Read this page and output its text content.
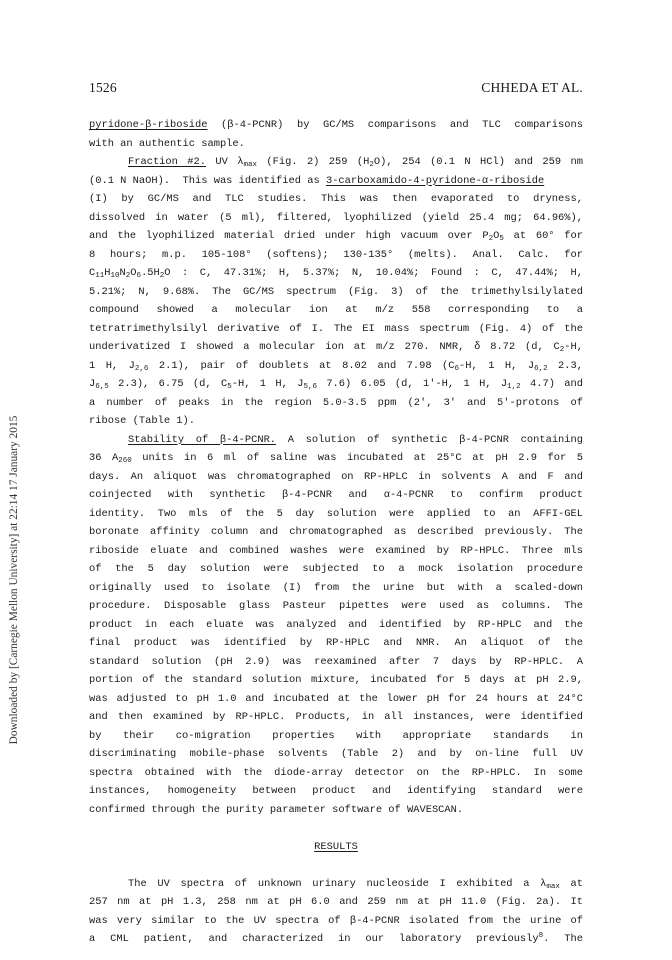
1526	CHHEDA ET AL.
Downloaded by [Carnegie Mellon University] at 22:14 17 January 2015
pyridone-β-riboside (β-4-PCNR) by GC/MS comparisons and TLC comparisons
with an authentic sample.
Fraction #2. UV $\lambda_{max}$ (Fig. 2) 259 $(H_2O)$, 254 (0.1 N HCl) and 259 nm
(0.1 N NaOH).  This was identified as 3-carboxamido-4-pyridone-α-riboside
(I) by GC/MS and TLC studies. This was then evaporated to dryness,
dissolved in water (5 ml), filtered, lyophilized (yield 25.4 mg; 64.96%),
and the lyophilized material dried under high vacuum over $P_2O_5$ at 60° for
8 hours; m.p. 105-108° (softens); 130-135° (melts). Anal. Calc. for
$C_{11}H_{10}N_2O_6.5H_2O$ : C, 47.31%; H, 5.37%; N, 10.04%; Found : C, 47.44%; H,
5.21%; N, 9.68%. The GC/MS spectrum (Fig. 3) of the trimethylsilylated
compound showed a molecular ion at m/z 558 corresponding to a
tetratrimethylsilyl derivative of I. The EI mass spectrum (Fig. 4) of the
underivatized I showed a molecular ion at m/z 270. NMR, δ 8.72 (d, $C_2-H$,
1 H, $J_{2,6}$ 2.1), pair of doublets at 8.02 and 7.98 ($C_6-H$, 1 H, $J_{6,2}$ 2.3,
$J_{6,5}$ 2.3), 6.75 (d, $C_5-H$, 1 H, $J_{5,6}$ 7.6) 6.05 (d, 1'-H, 1 H, $J_{1,2}$ 4.7) and
a number of peaks in the region 5.0-3.5 ppm (2', 3' and 5'-protons of
ribose (Table 1).
Stability of β-4-PCNR. A solution of synthetic β-4-PCNR containing
36 $A_{260}$ units in 6 ml of saline was incubated at 25°C at pH 2.9 for 5
days. An aliquot was chromatographed on RP-HPLC in solvents A and F and
coinjected with synthetic β-4-PCNR and α-4-PCNR to confirm product
identity. Two mls of the 5 day solution were applied to an AFFI-GEL
boronate affinity column and chromatographed as described previously. The
riboside eluate and combined washes were examined by RP-HPLC. Three mls
of the 5 day solution were subjected to a mock isolation procedure
originally used to isolate (I) from the urine but with a scaled-down
procedure. Disposable glass Pasteur pipettes were used as columns. The
product in each eluate was analyzed and identified by RP-HPLC and the
final product was identified by RP-HPLC and NMR. An aliquot of the
standard solution (pH 2.9) was reexamined after 7 days by RP-HPLC. A
portion of the standard solution mixture, incubated for 5 days at pH 2.9,
was adjusted to pH 1.0 and incubated at the lower pH for 24 hours at 24°C
and then examined by RP-HPLC. Products, in all instances, were identified
by their co-migration properties with appropriate standards in
discriminating mobile-phase solvents (Table 2) and by on-line full UV
spectra obtained with the diode-array detector on the RP-HPLC. In some
instances, homogeneity between product and identifying standard were
confirmed through the purity parameter software of WAVESCAN.
RESULTS
The UV spectra of unknown urinary nucleoside I exhibited a $\lambda_{max}$ at
257 nm at pH 1.3, 258 nm at pH 6.0 and 259 nm at pH 11.0 (Fig. 2a). It
was very similar to the UV spectra of β-4-PCNR isolated from the urine of
a CML patient, and characterized in our laboratory previously$^8$. The
